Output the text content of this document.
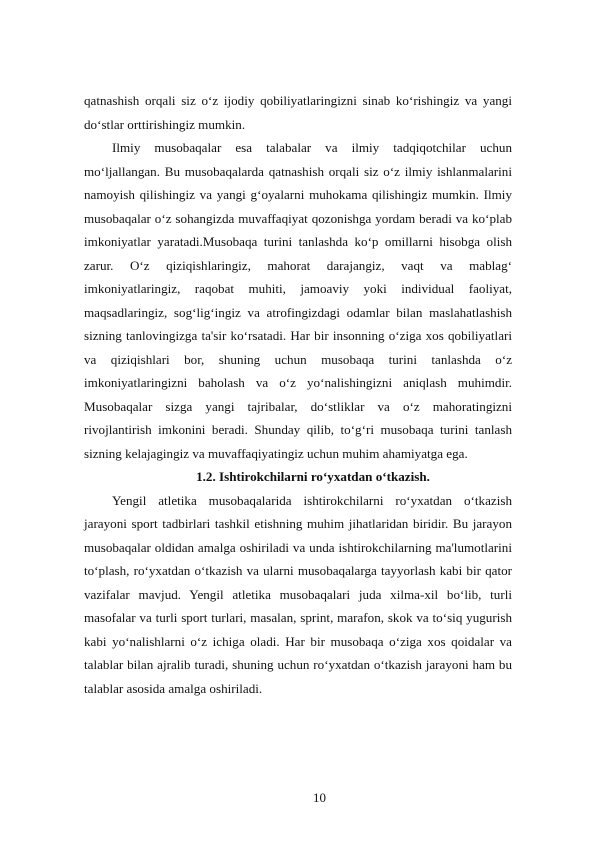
qatnashish orqali siz o‘z ijodiy qobiliyatlaringizni sinab ko‘rishingiz va yangi do‘stlar orttirishingiz mumkin.

Ilmiy musobaqalar esa talabalar va ilmiy tadqiqotchilar uchun mo‘ljallangan. Bu musobaqalarda qatnashish orqali siz o‘z ilmiy ishlanmalarini namoyish qilishingiz va yangi g‘oyalarni muhokama qilishingiz mumkin. Ilmiy musobaqalar o‘z sohangizda muvaffaqiyat qozonishga yordam beradi va ko‘plab imkoniyatlar yaratadi.Musobaqa turini tanlashda ko‘p omillarni hisobga olish zarur. O‘z qiziqishlaringiz, mahorat darajangiz, vaqt va mablag‘ imkoniyatlaringiz, raqobat muhiti, jamoaviy yoki individual faoliyat, maqsadlaringiz, sog‘lig‘ingiz va atrofingizdagi odamlar bilan maslahatlashish sizning tanlovingizga ta'sir ko‘rsatadi. Har bir insonning o‘ziga xos qobiliyatlari va qiziqishlari bor, shuning uchun musobaqa turini tanlashda o‘z imkoniyatlaringizni baholash va o‘z yo‘nalishingizni aniqlash muhimdir. Musobaqalar sizga yangi tajribalar, do‘stliklar va o‘z mahoratingizni rivojlantirish imkonini beradi. Shunday qilib, to‘g‘ri musobaqa turini tanlash sizning kelajagingiz va muvaffaqiyatingiz uchun muhim ahamiyatga ega.

1.2. Ishtirokchilarni ro‘yxatdan o‘tkazish.

Yengil atletika musobaqalarida ishtirokchilarni ro‘yxatdan o‘tkazish jarayoni sport tadbirlari tashkil etishning muhim jihatlaridan biridir. Bu jarayon musobaqalar oldidan amalga oshiriladi va unda ishtirokchilarning ma'lumotlarini to‘plash, ro‘yxatdan o‘tkazish va ularni musobaqalarga tayyorlash kabi bir qator vazifalar mavjud. Yengil atletika musobaqalari juda xilma-xil bo‘lib, turli masofalar va turli sport turlari, masalan, sprint, marafon, skok va to‘siq yugurish kabi yo‘nalishlarni o‘z ichiga oladi. Har bir musobaqa o‘ziga xos qoidalar va talablar bilan ajralib turadi, shuning uchun ro‘yxatdan o‘tkazish jarayoni ham bu talablar asosida amalga oshiriladi.

10
